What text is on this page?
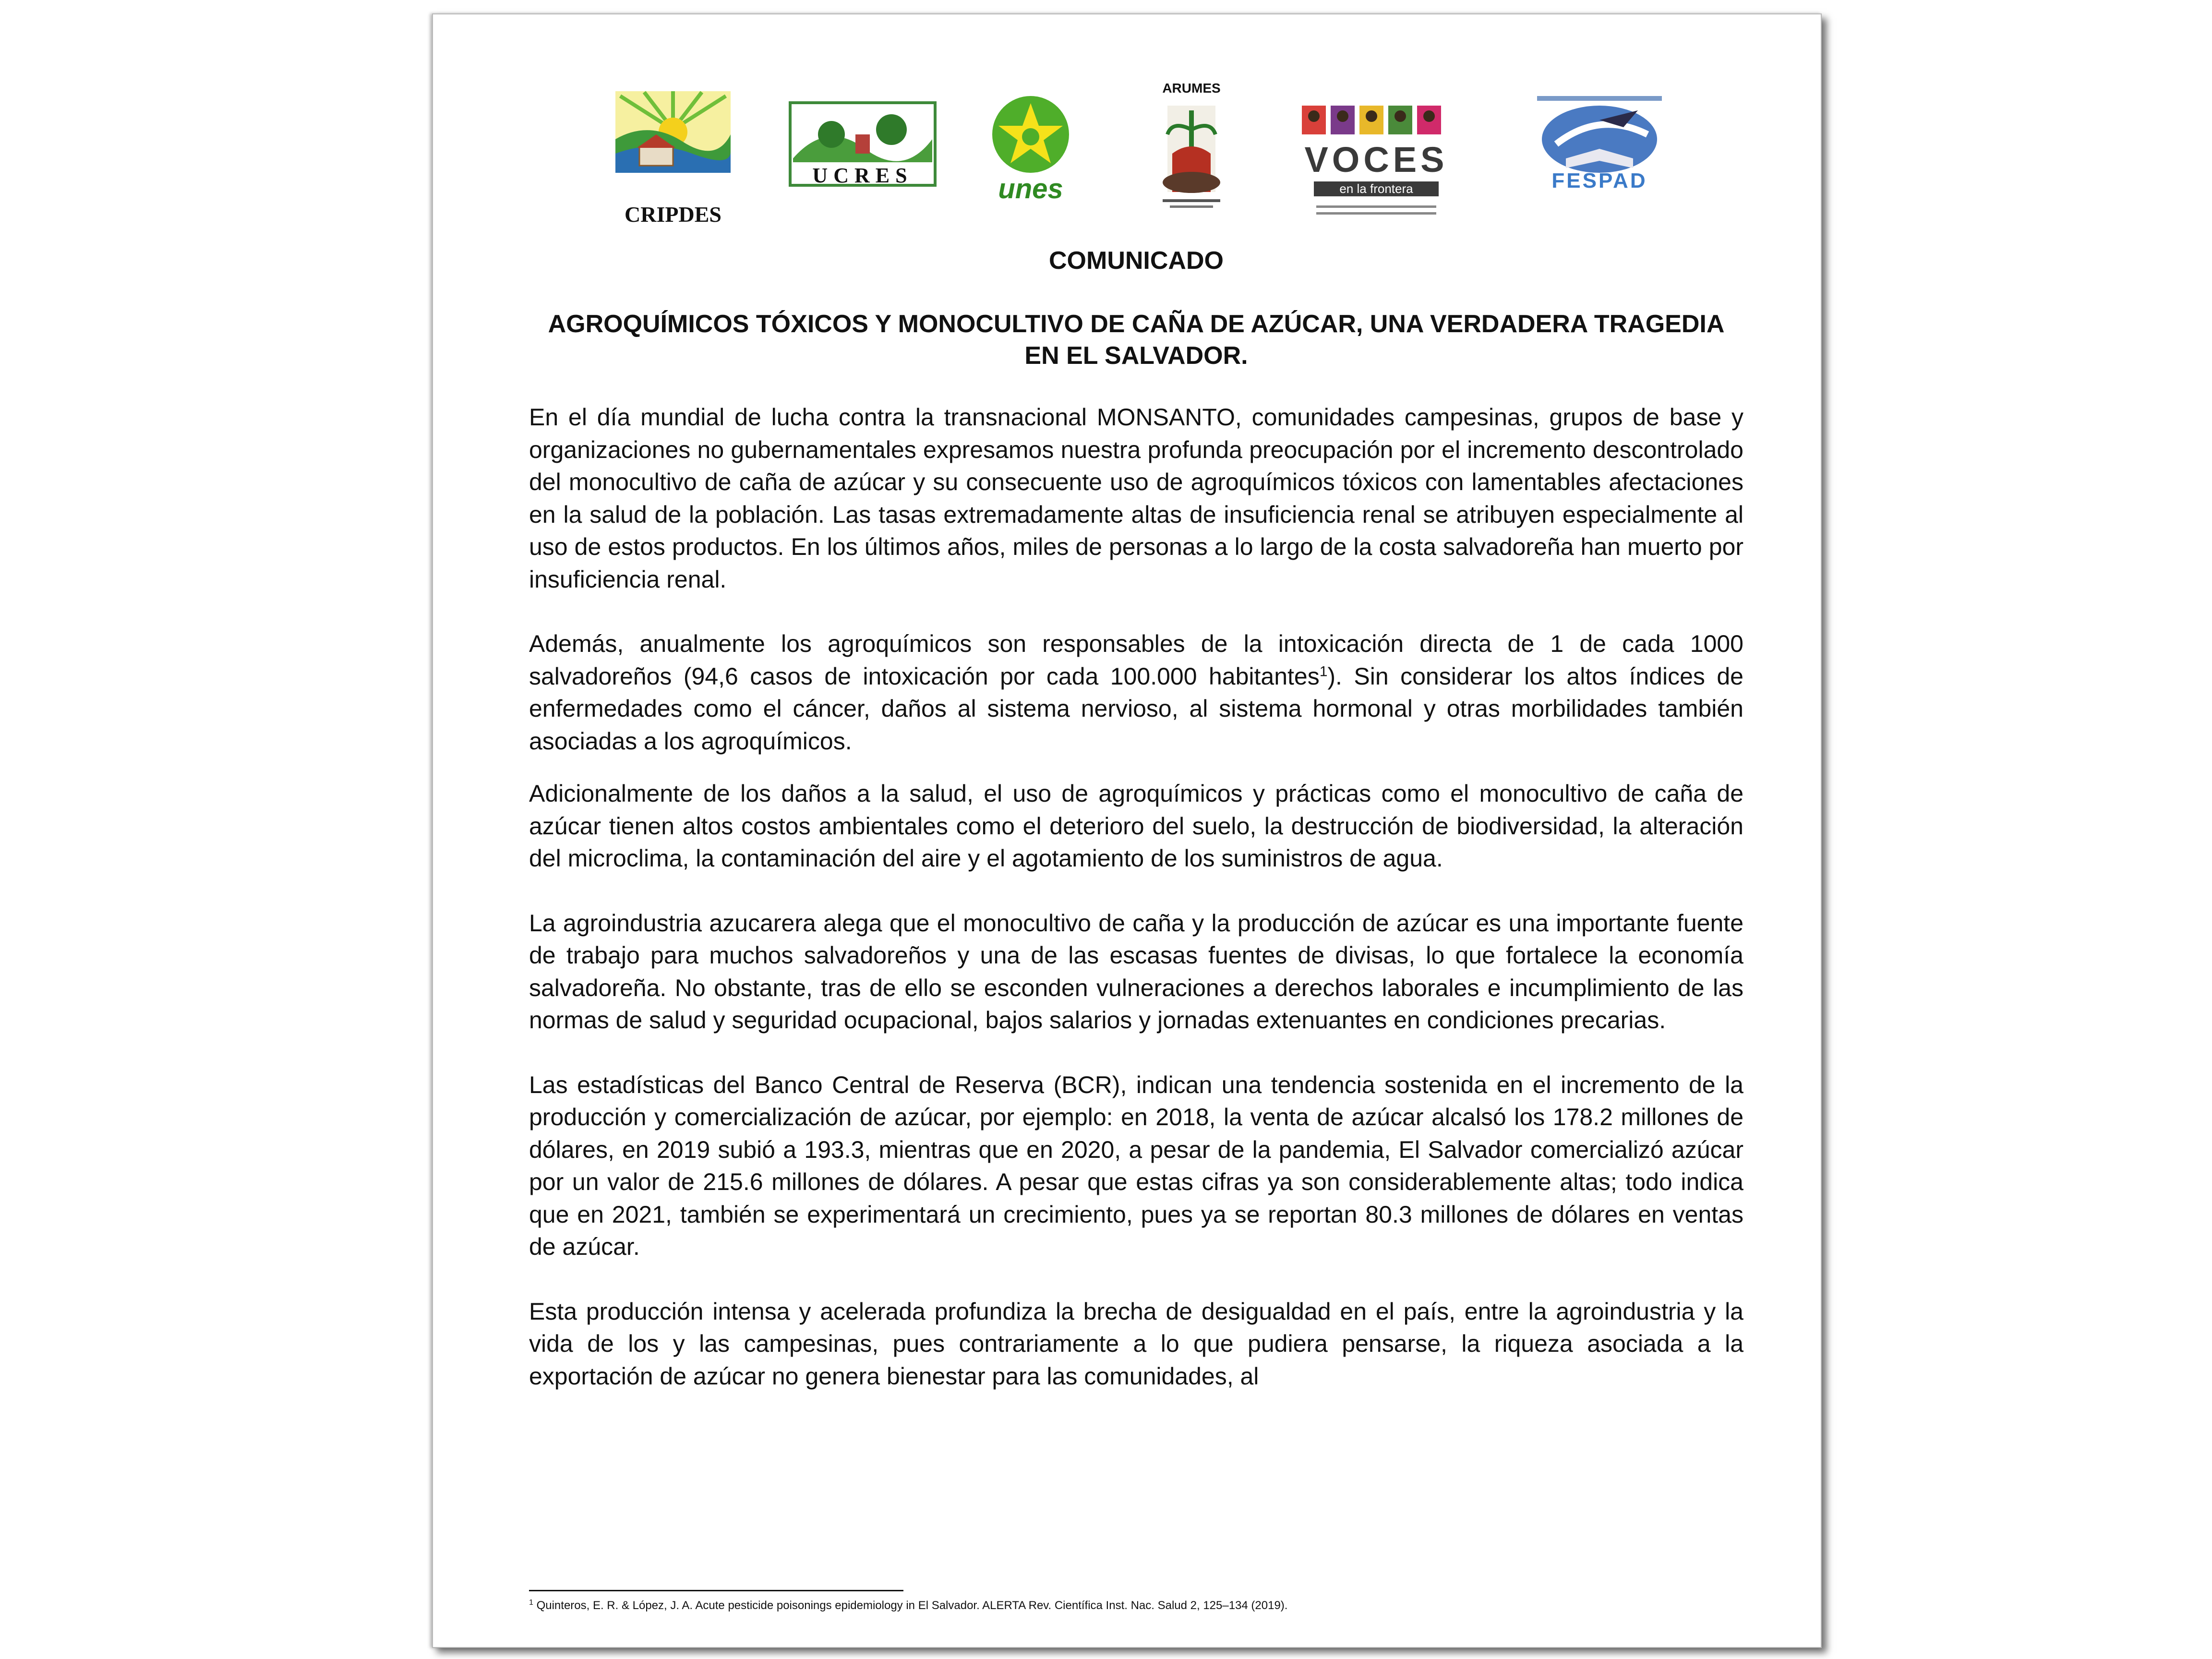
CRIPDES
UCRES	unes
ARUMES
VOCES
en la frontera	FESPAD

COMUNICADO

AGROQUÍMICOS TÓXICOS Y MONOCULTIVO DE CAÑA DE AZÚCAR, UNA VERDADERA TRAGEDIA EN EL SALVADOR.

En el día mundial de lucha contra la transnacional MONSANTO, comunidades campesinas, grupos de base y organizaciones no gubernamentales expresamos nuestra profunda preocupación por el incremento descontrolado del monocultivo de caña de azúcar y su consecuente uso de agroquímicos tóxicos con lamentables afectaciones en la salud de la población. Las tasas extremadamente altas de insuficiencia renal se atribuyen especialmente al uso de estos productos. En los últimos años, miles de personas a lo largo de la costa salvadoreña han muerto por insuficiencia renal.

Además, anualmente los agroquímicos son responsables de la intoxicación directa de 1 de cada 1000 salvadoreños (94,6 casos de intoxicación por cada 100.000 habitantes$^1$). Sin considerar los altos índices de enfermedades como el cáncer, daños al sistema nervioso, al sistema hormonal y otras morbilidades también asociadas a los agroquímicos.

Adicionalmente de los daños a la salud, el uso de agroquímicos y prácticas como el monocultivo de caña de azúcar tienen altos costos ambientales como el deterioro del suelo, la destrucción de biodiversidad, la alteración del microclima, la contaminación del aire y el agotamiento de los suministros de agua.

La agroindustria azucarera alega que el monocultivo de caña y la producción de azúcar es una importante fuente de trabajo para muchos salvadoreños y una de las escasas fuentes de divisas, lo que fortalece la economía salvadoreña. No obstante, tras de ello se esconden vulneraciones a derechos laborales e incumplimiento de las normas de salud y seguridad ocupacional, bajos salarios y jornadas extenuantes en condiciones precarias.

Las estadísticas del Banco Central de Reserva (BCR), indican una tendencia sostenida en el incremento de la producción y comercialización de azúcar, por ejemplo: en 2018, la venta de azúcar alcalsó los 178.2 millones de dólares, en 2019 subió a 193.3, mientras que en 2020, a pesar de la pandemia, El Salvador comercializó azúcar por un valor de 215.6 millones de dólares. A pesar que estas cifras ya son considerablemente altas; todo indica que en 2021, también se experimentará un crecimiento, pues ya se reportan 80.3 millones de dólares en ventas de azúcar.

Esta producción intensa y acelerada profundiza la brecha de desigualdad en el país, entre la agroindustria y la vida de los y las campesinas, pues contrariamente a lo que pudiera pensarse, la riqueza asociada a la exportación de azúcar no genera bienestar para las comunidades, al

$^1$ Quinteros, E. R. & López, J. A. Acute pesticide poisonings epidemiology in El Salvador. ALERTA Rev. Científica Inst. Nac. Salud 2, 125–134 (2019).
